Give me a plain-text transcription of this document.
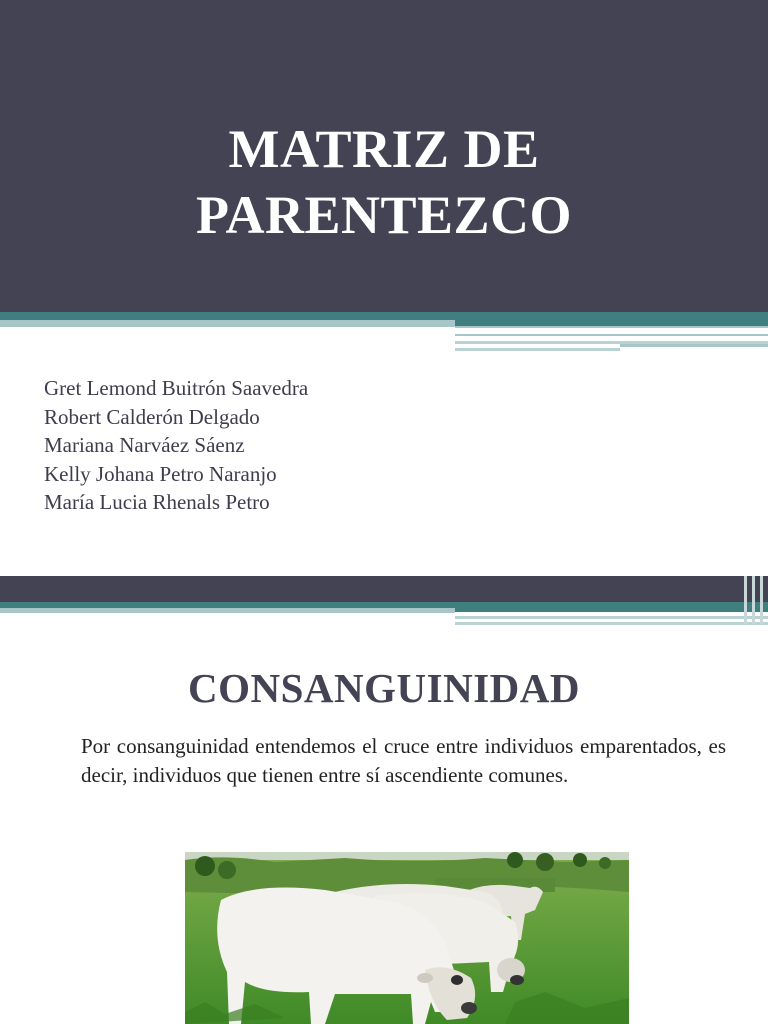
MATRIZ DE
PARENTEZCO
Gret Lemond Buitrón Saavedra
Robert Calderón Delgado
Mariana Narváez Sáenz
Kelly Johana Petro Naranjo
María Lucia Rhenals Petro
CONSANGUINIDAD
Por consanguinidad entendemos el cruce entre individuos emparentados, es decir, individuos que tienen entre sí ascendiente comunes.
